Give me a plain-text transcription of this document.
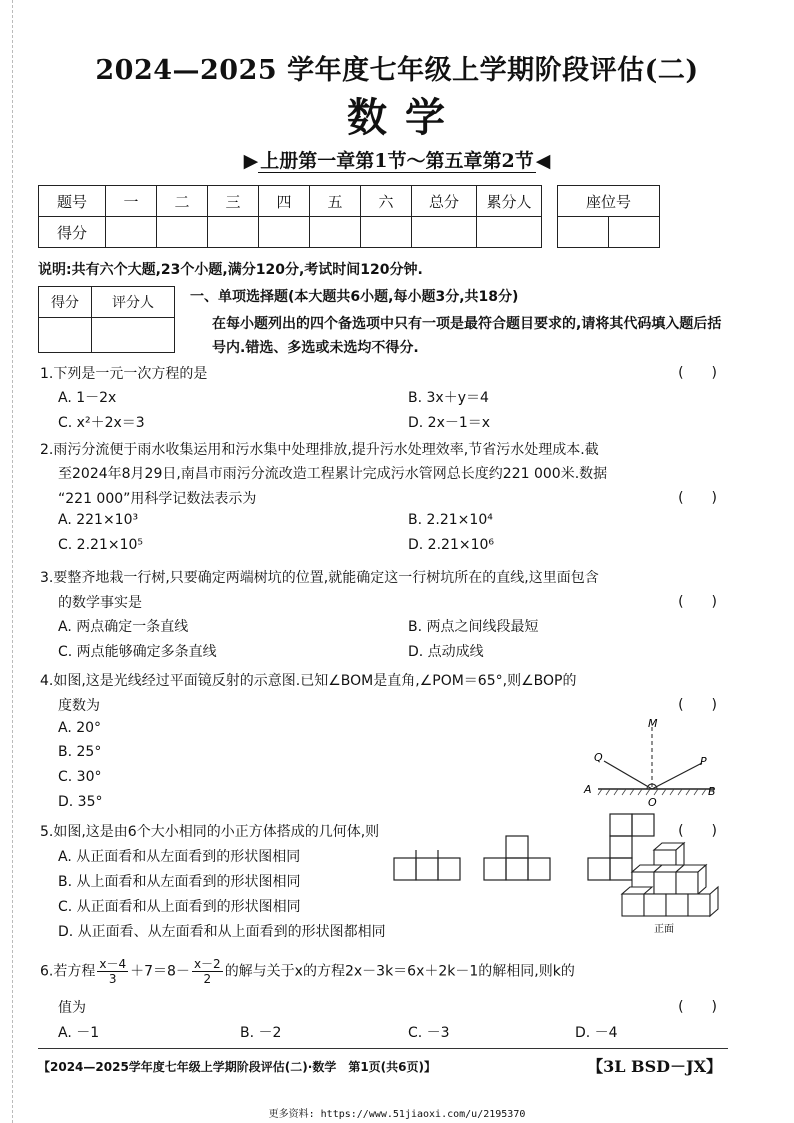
2024—2025 学年度七年级上学期阶段评估(二)
数 学
▶ 上册第一章第1节～第五章第2节 ◀
题号	一	二	三	四	五	六	总分	累分人
得分								
座位号

说明:共有六个大题,23个小题,满分120分,考试时间120分钟.
得分	评分人
		一、单项选择题(本大题共6小题,每小题3分,共18分)
在每小题列出的四个备选项中只有一项是最符合题目要求的,请将其代码填入题后括号内.错选、多选或未选均不得分.
1.下列是一元一次方程的是	(　　)
A. 1－2x	B. 3x＋y＝4
C. x²＋2x＝3	D. 2x－1＝x
2.雨污分流便于雨水收集运用和污水集中处理排放,提升污水处理效率,节省污水处理成本.截
至2024年8月29日,南昌市雨污分流改造工程累计完成污水管网总长度约221 000米.数据
“221 000”用科学记数法表示为	(　　)
A. 221×10³	B. 2.21×10⁴
C. 2.21×10⁵	D. 2.21×10⁶
3.要整齐地栽一行树,只要确定两端树坑的位置,就能确定这一行树坑所在的直线,这里面包含
的数学事实是	(　　)
A. 两点确定一条直线	B. 两点之间线段最短
C. 两点能够确定多条直线	D. 点动成线
4.如图,这是光线经过平面镜反射的示意图.已知∠BOM是直角,∠POM＝65°,则∠BOP的
度数为	(　　)
A. 20°
B. 25°
C. 30°
D. 35°
M
Q	P
A
O
B
5.如图,这是由6个大小相同的小正方体搭成的几何体,则	(　　)
A. 从正面看和从左面看到的形状图相同
B. 从上面看和从左面看到的形状图相同
C. 从正面看和从上面看到的形状图相同
D. 从正面看、从左面看和从上面看到的形状图都相同	正面
6.若方程 $\frac{x-4}{3} +7=8- \frac{x-2}{2}$ 的解与关于x的方程2x－3k＝6x＋2k－1的解相同,则k的
值为	(　　)
A. －1	B. －2	C. －3	D. －4
【2024—2025学年度七年级上学期阶段评估(二)·数学　第1页(共6页)】	【3L BSD－JX】
更多资料: https://www.51jiaoxi.com/u/2195370
